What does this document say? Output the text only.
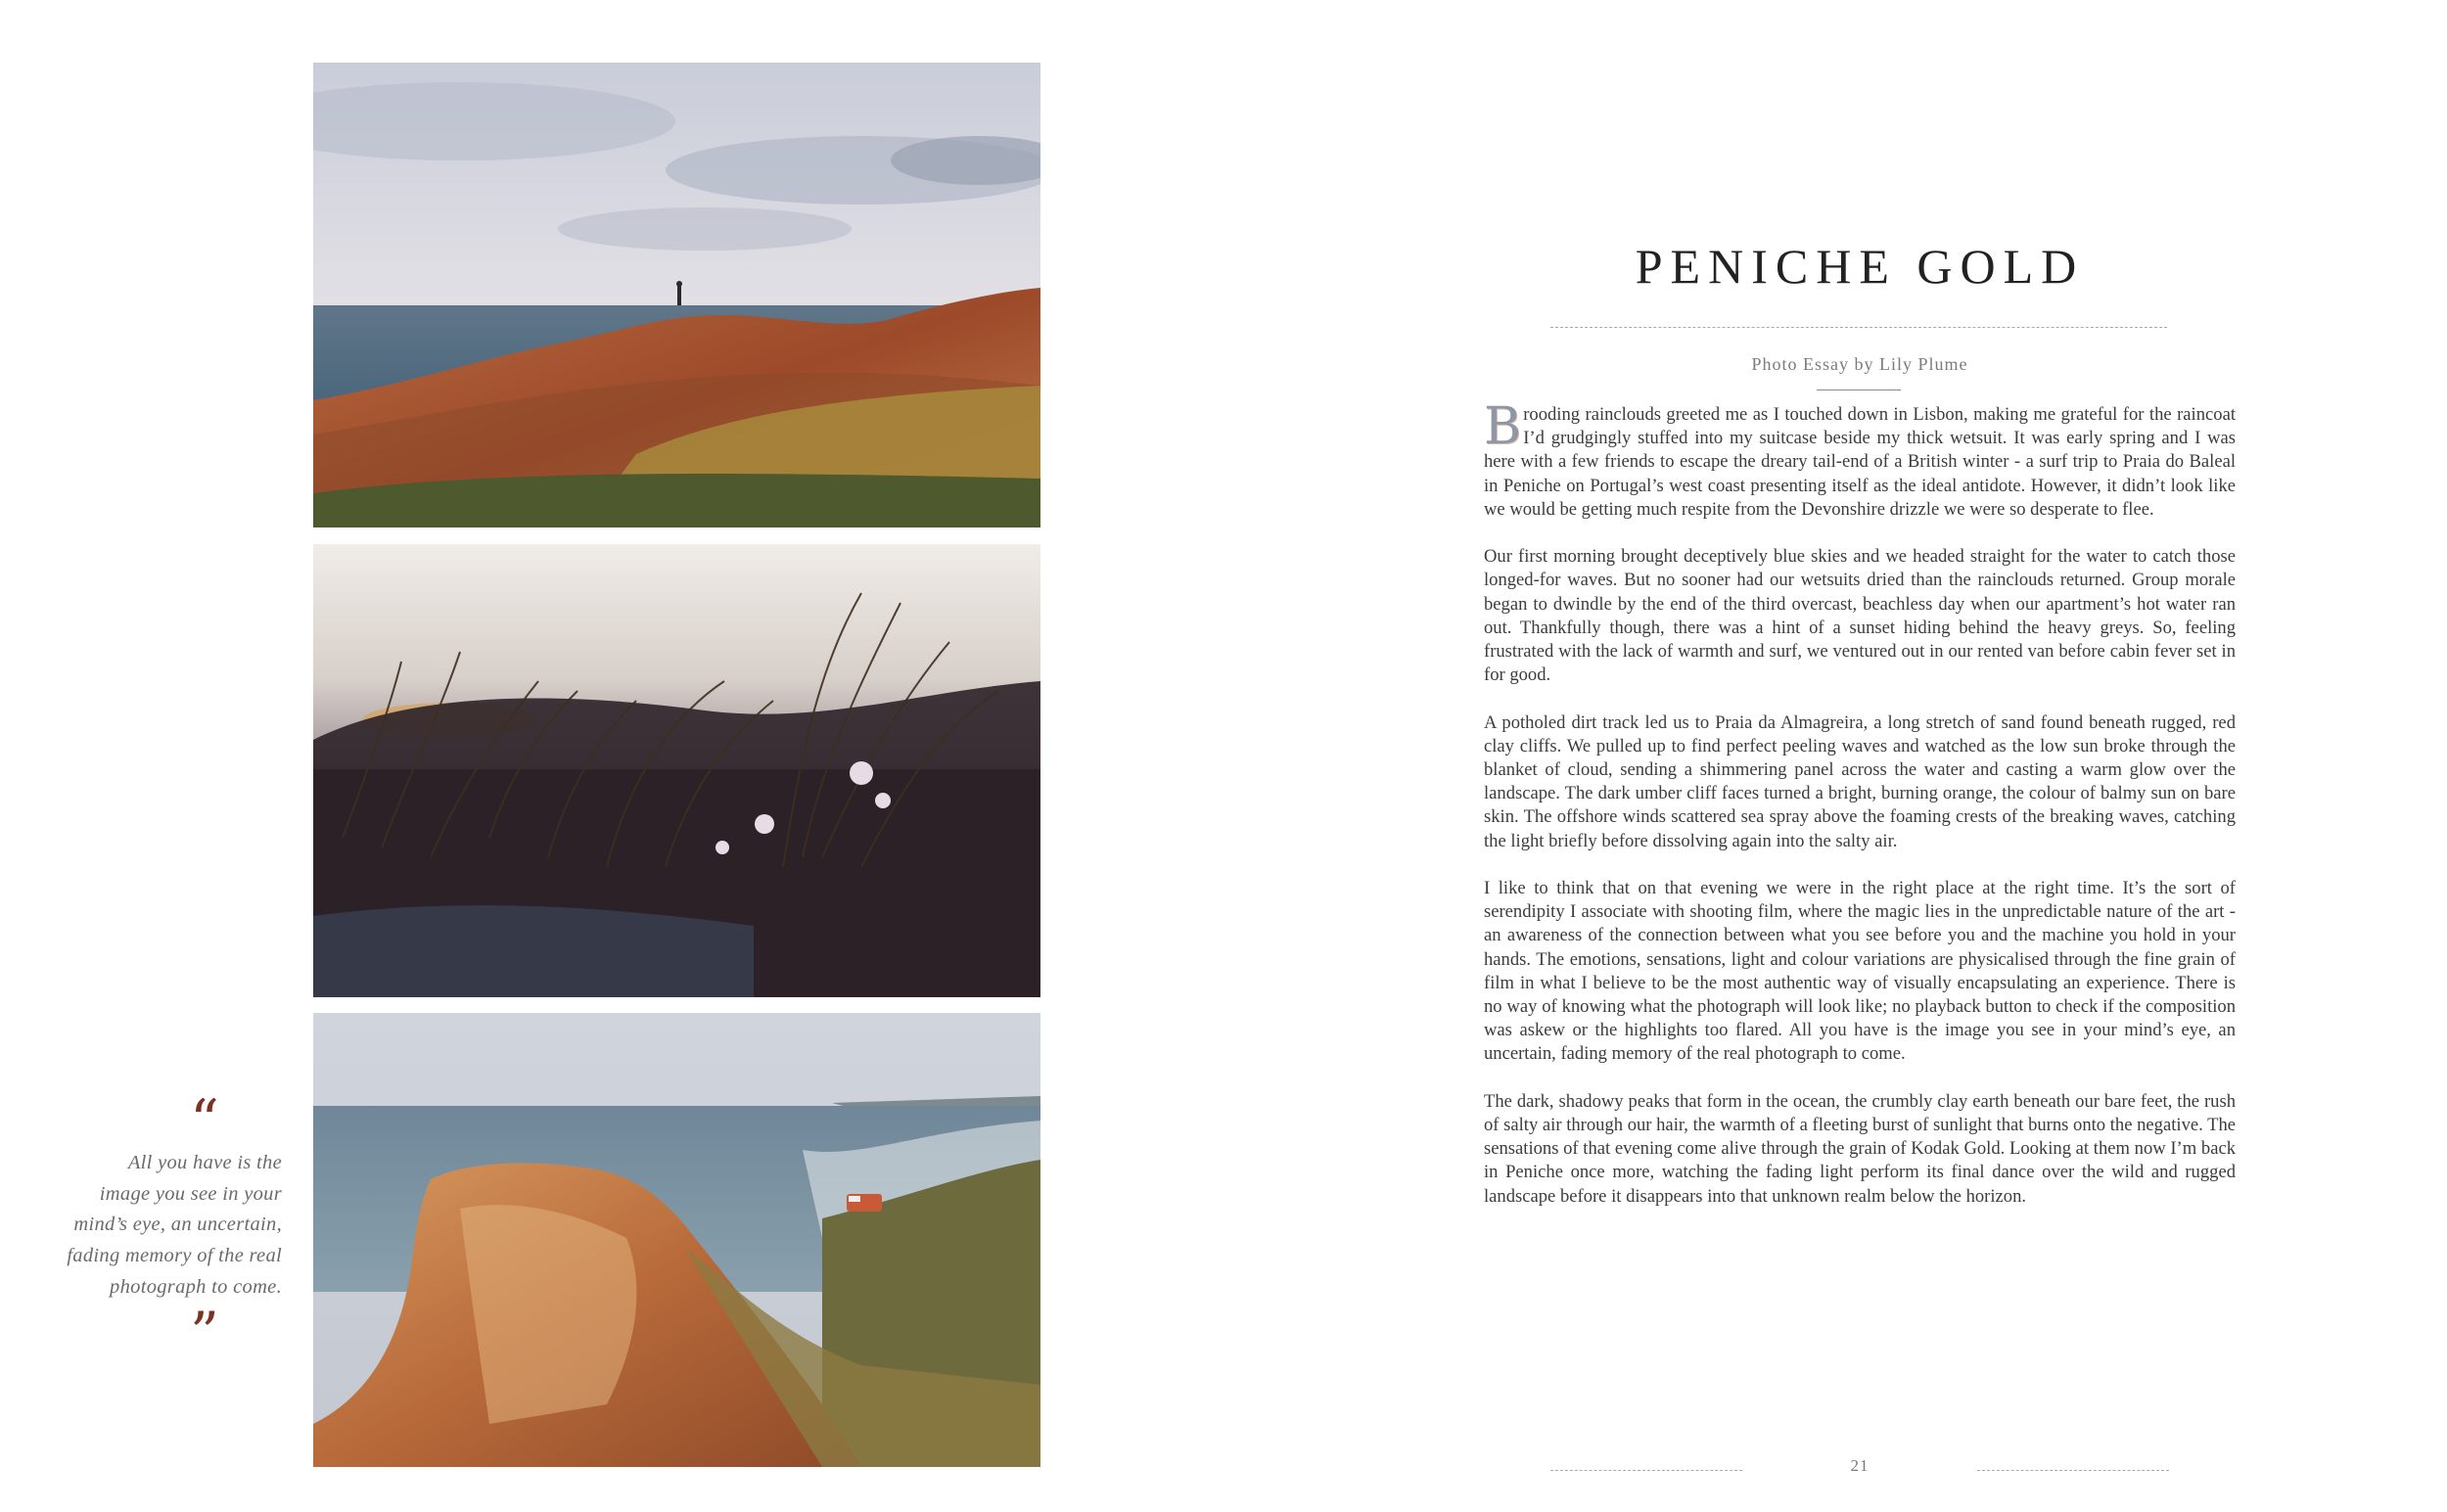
“
All you have is the
image you see in your
mind’s eye, an uncertain,
fading memory of the real
photograph to come.
”
PENICHE GOLD
Photo Essay by Lily Plume

Brooding rainclouds greeted me as I touched down in Lisbon, making me grateful for the raincoat I’d grudgingly stuffed into my suitcase beside my thick wetsuit. It was early spring and I was here with a few friends to escape the dreary tail-end of a British winter - a surf trip to Praia do Baleal in Peniche on Portugal’s west coast presenting itself as the ideal antidote. However, it didn’t look like we would be getting much respite from the Devonshire drizzle we were so desperate to flee.

Our first morning brought deceptively blue skies and we headed straight for the water to catch those longed-for waves. But no sooner had our wetsuits dried than the rainclouds returned. Group morale began to dwindle by the end of the third overcast, beachless day when our apartment’s hot water ran out. Thankfully though, there was a hint of a sunset hiding behind the heavy greys. So, feeling frustrated with the lack of warmth and surf, we ventured out in our rented van before cabin fever set in for good.

A potholed dirt track led us to Praia da Almagreira, a long stretch of sand found beneath rugged, red clay cliffs. We pulled up to find perfect peeling waves and watched as the low sun broke through the blanket of cloud, sending a shimmering panel across the water and casting a warm glow over the landscape. The dark umber cliff faces turned a bright, burning orange, the colour of balmy sun on bare skin. The offshore winds scattered sea spray above the foaming crests of the breaking waves, catching the light briefly before dissolving again into the salty air.

I like to think that on that evening we were in the right place at the right time. It’s the sort of serendipity I associate with shooting film, where the magic lies in the unpredictable nature of the art - an awareness of the connection between what you see before you and the machine you hold in your hands. The emotions, sensations, light and colour variations are physicalised through the fine grain of film in what I believe to be the most authentic way of visually encapsulating an experience. There is no way of knowing what the photograph will look like; no playback button to check if the composition was askew or the highlights too flared. All you have is the image you see in your mind’s eye, an uncertain, fading memory of the real photograph to come.

The dark, shadowy peaks that form in the ocean, the crumbly clay earth beneath our bare feet, the rush of salty air through our hair, the warmth of a fleeting burst of sunlight that burns onto the negative. The sensations of that evening come alive through the grain of Kodak Gold. Looking at them now I’m back in Peniche once more, watching the fading light perform its final dance over the wild and rugged landscape before it disappears into that unknown realm below the horizon.

21
